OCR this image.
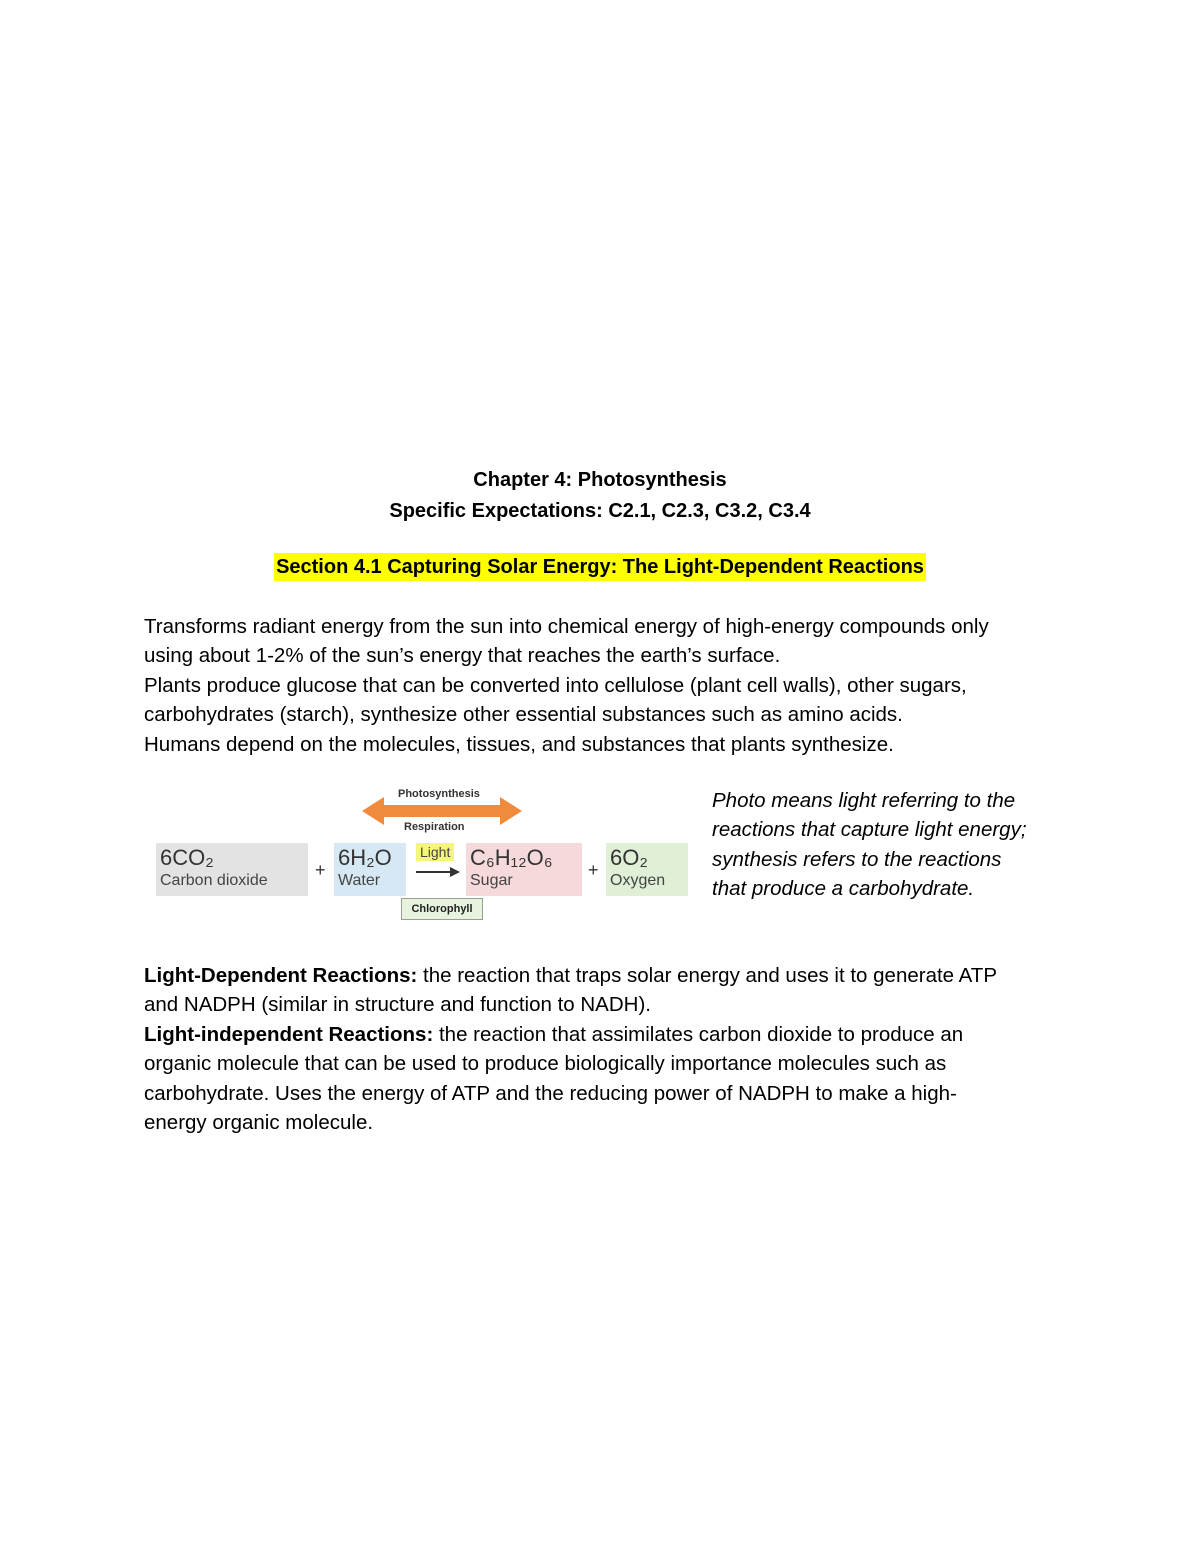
Chapter 4: Photosynthesis
Specific Expectations: C2.1, C2.3, C3.2, C3.4
Section 4.1 Capturing Solar Energy: The Light-Dependent Reactions
Transforms radiant energy from the sun into chemical energy of high-energy compounds only
using about 1-2% of the sun’s energy that reaches the earth’s surface.
Plants produce glucose that can be converted into cellulose (plant cell walls), other sugars,
carbohydrates (starch), synthesize other essential substances such as amino acids.
Humans depend on the molecules, tissues, and substances that plants synthesize.
Photosynthesis
Respiration
6CO₂
Carbon dioxide
+ 6H₂O
Water
Light
Chlorophyll
C₆H₁₂O₆
Sugar
+ 6O₂
Oxygen
Photo means light referring to the
reactions that capture light energy;
synthesis refers to the reactions
that produce a carbohydrate.
Light-Dependent Reactions: the reaction that traps solar energy and uses it to generate ATP
and NADPH (similar in structure and function to NADH).
Light-independent Reactions: the reaction that assimilates carbon dioxide to produce an
organic molecule that can be used to produce biologically importance molecules such as
carbohydrate. Uses the energy of ATP and the reducing power of NADPH to make a high-
energy organic molecule.
